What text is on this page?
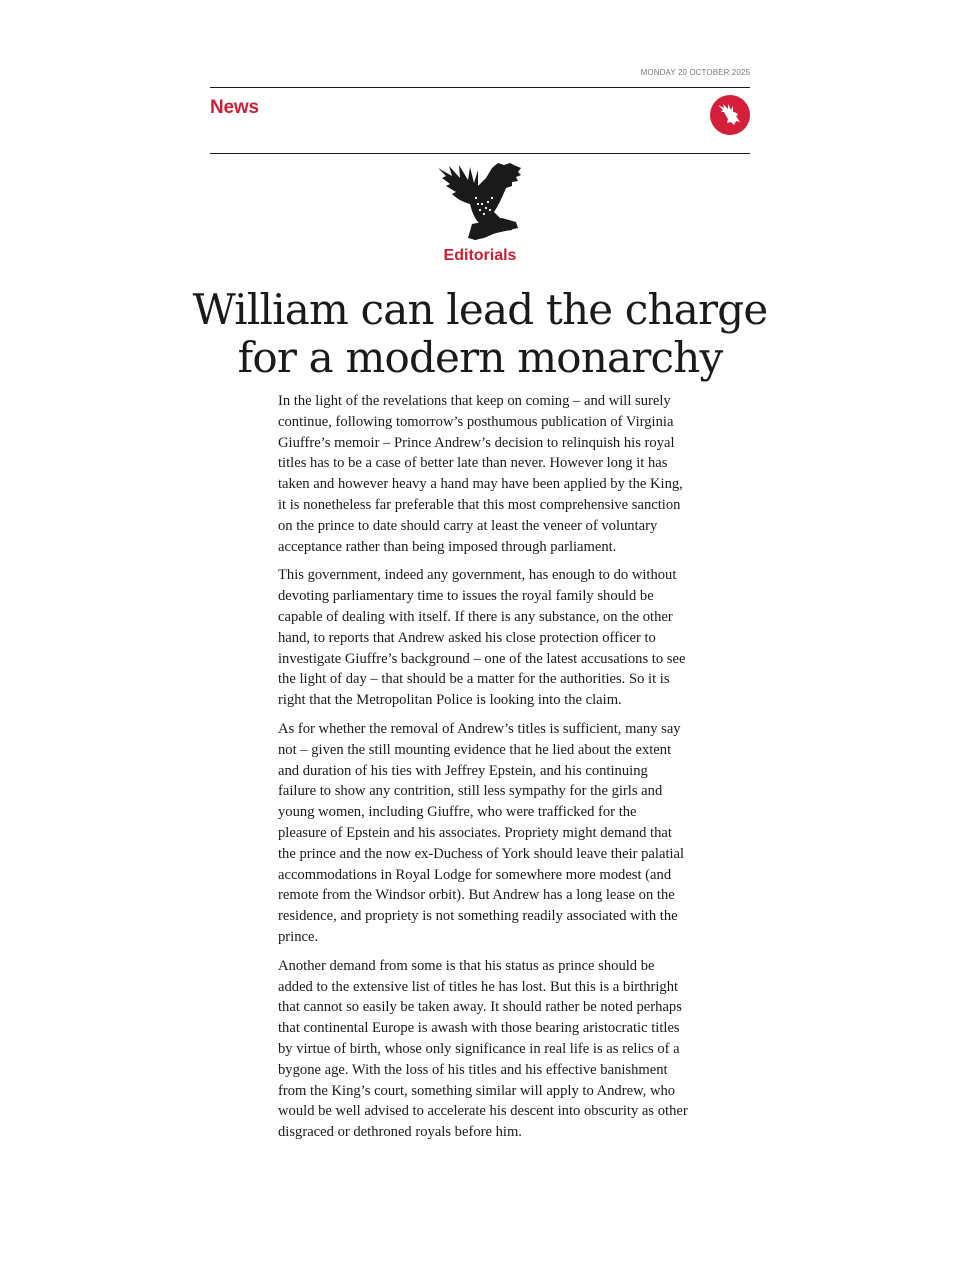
MONDAY 20 OCTOBER 2025
News
Editorials
William can lead the charge for a modern monarchy

In the light of the revelations that keep on coming – and will surely continue, following tomorrow’s posthumous publication of Virginia Giuffre’s memoir – Prince Andrew’s decision to relinquish his royal titles has to be a case of better late than never. However long it has taken and however heavy a hand may have been applied by the King, it is nonetheless far preferable that this most comprehensive sanction on the prince to date should carry at least the veneer of voluntary acceptance rather than being imposed through parliament.

This government, indeed any government, has enough to do without devoting parliamentary time to issues the royal family should be capable of dealing with itself. If there is any substance, on the other hand, to reports that Andrew asked his close protection officer to investigate Giuffre’s background – one of the latest accusations to see the light of day – that should be a matter for the authorities. So it is right that the Metropolitan Police is looking into the claim.

As for whether the removal of Andrew’s titles is sufficient, many say not – given the still mounting evidence that he lied about the extent and duration of his ties with Jeffrey Epstein, and his continuing failure to show any contrition, still less sympathy for the girls and young women, including Giuffre, who were trafficked for the pleasure of Epstein and his associates. Propriety might demand that the prince and the now ex-Duchess of York should leave their palatial accommodations in Royal Lodge for somewhere more modest (and remote from the Windsor orbit). But Andrew has a long lease on the residence, and propriety is not something readily associated with the prince.

Another demand from some is that his status as prince should be added to the extensive list of titles he has lost. But this is a birthright that cannot so easily be taken away. It should rather be noted perhaps that continental Europe is awash with those bearing aristocratic titles by virtue of birth, whose only significance in real life is as relics of a bygone age. With the loss of his titles and his effective banishment from the King’s court, something similar will apply to Andrew, who would be well advised to accelerate his descent into obscurity as other disgraced or dethroned royals before him.
